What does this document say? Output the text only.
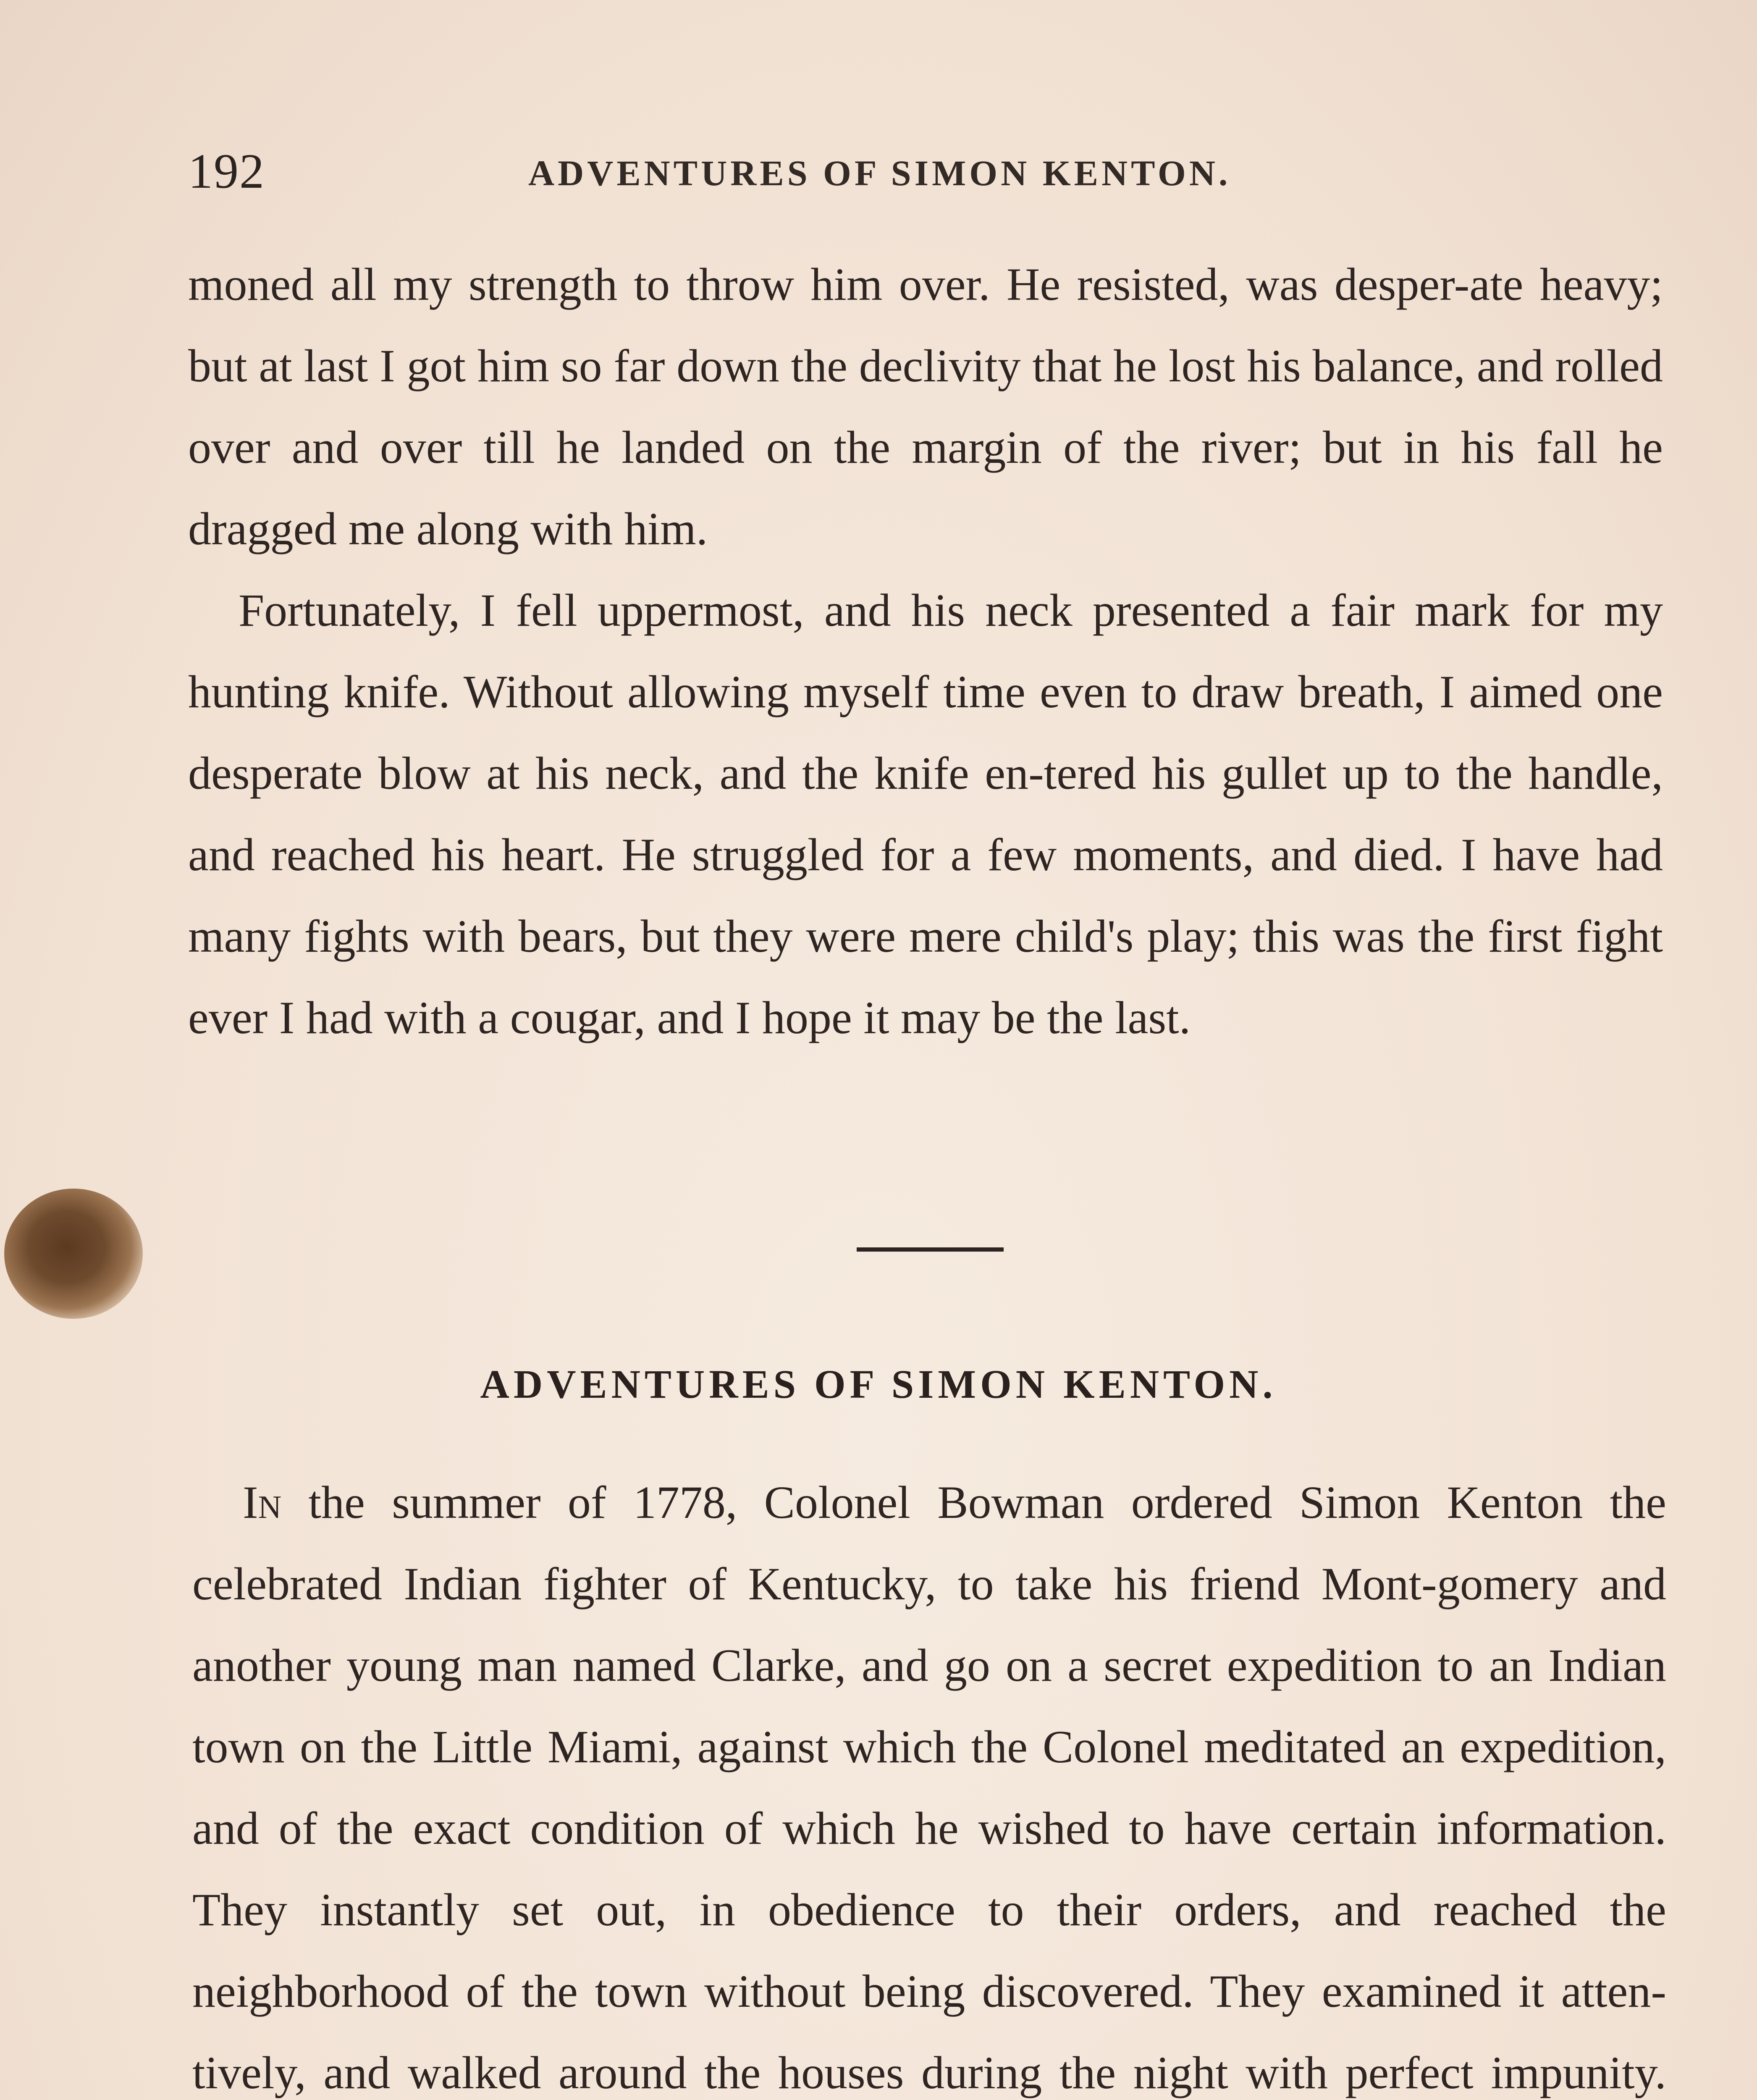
192	ADVENTURES OF SIMON KENTON.

moned all my strength to throw him over. He resisted, was desper-ate heavy; but at last I got him so far down the declivity that he lost his balance, and rolled over and over till he landed on the margin of the river; but in his fall he dragged me along with him.

Fortunately, I fell uppermost, and his neck presented a fair mark for my hunting knife. Without allowing myself time even to draw breath, I aimed one desperate blow at his neck, and the knife en-tered his gullet up to the handle, and reached his heart. He struggled for a few moments, and died. I have had many fights with bears, but they were mere child's play; this was the first fight ever I had with a cougar, and I hope it may be the last.

ADVENTURES OF SIMON KENTON.

In the summer of 1778, Colonel Bowman ordered Simon Kenton the celebrated Indian fighter of Kentucky, to take his friend Mont-gomery and another young man named Clarke, and go on a secret expedition to an Indian town on the Little Miami, against which the Colonel meditated an expedition, and of the exact condition of which he wished to have certain information. They instantly set out, in obedience to their orders, and reached the neighborhood of the town without being discovered. They examined it atten-tively, and walked around the houses during the night with perfect impunity.
